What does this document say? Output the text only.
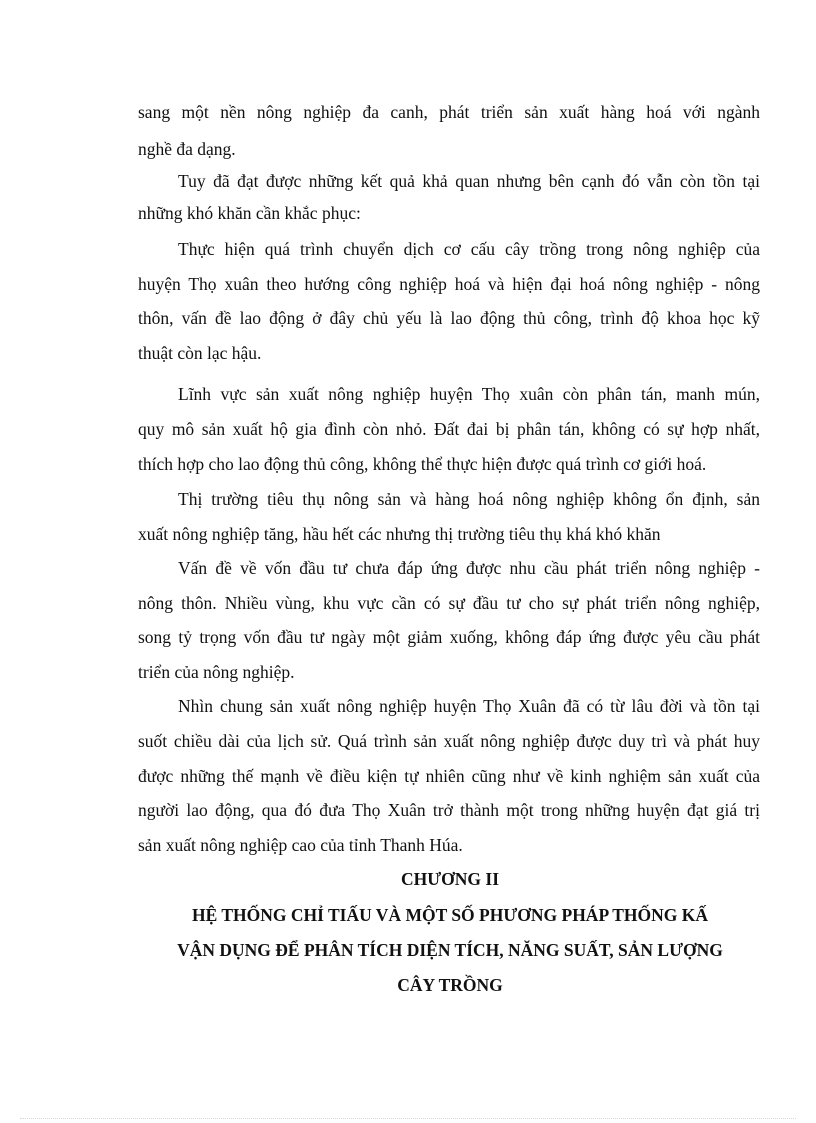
sang một nền nông nghiệp đa canh, phát triển sản xuất hàng hoá với ngành
nghề đa dạng.
Tuy đã đạt được những kết quả khả quan nhưng bên cạnh đó vẫn còn tồn tại
những khó khăn cần khắc phục:
Thực hiện quá trình chuyển dịch cơ cấu cây trồng trong nông nghiệp của
huyện Thọ xuân theo hướng công nghiệp hoá và hiện đại hoá nông nghiệp - nông
thôn, vấn đề lao động ở đây chủ yếu là lao động thủ công, trình độ khoa học kỹ
thuật còn lạc hậu.
Lĩnh vực sản xuất nông nghiệp huyện Thọ xuân còn phân tán, manh mún,
quy mô sản xuất hộ gia đình còn nhỏ. Đất đai bị phân tán, không có sự hợp nhất,
thích hợp cho lao động thủ công, không thể thực hiện được quá trình cơ giới hoá.
Thị trường tiêu thụ nông sản và hàng hoá nông nghiệp không ổn định, sản
xuất nông nghiệp tăng, hầu hết các nhưng thị trường tiêu thụ khá khó khăn
Vấn đề về vốn đầu tư chưa đáp ứng được nhu cầu phát triển nông nghiệp -
nông thôn. Nhiều vùng, khu vực cần có sự đầu tư cho sự phát triển nông nghiệp,
song tỷ trọng vốn đầu tư ngày một giảm xuống, không đáp ứng được yêu cầu phát
triển của nông nghiệp.
Nhìn chung sản xuất nông nghiệp huyện Thọ Xuân đã có từ lâu đời và tồn tại
suốt chiều dài của lịch sử. Quá trình sản xuất nông nghiệp được duy trì và phát huy
được những thế mạnh về điều kiện tự nhiên cũng như về kinh nghiệm sản xuất của
người lao động, qua đó đưa Thọ Xuân trở thành một trong những huyện đạt giá trị
sản xuất nông nghiệp cao của tỉnh Thanh Húa.
CHƯƠNG II
HỆ THỐNG CHỈ TIẤU VÀ MỘT SỐ PHƯƠNG PHÁP THỐNG KẤ
VẬN DỤNG ĐỂ PHÂN TÍCH DIỆN TÍCH, NĂNG SUẤT, SẢN LƯỢNG
CÂY TRỒNG
